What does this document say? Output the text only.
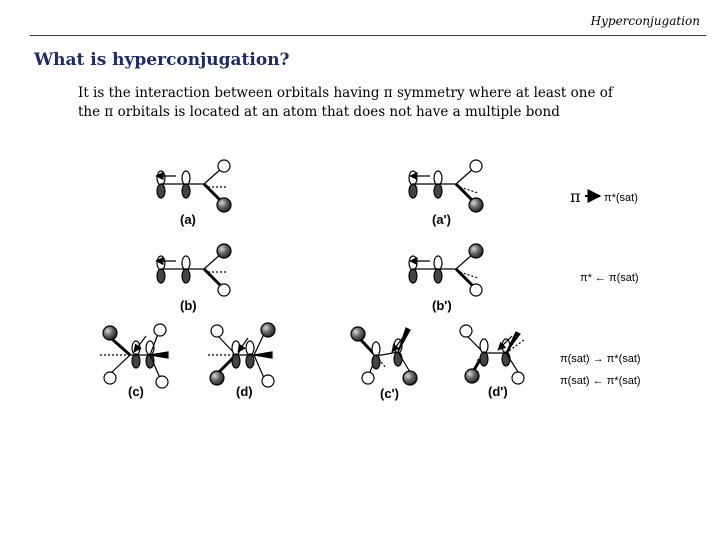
Hyperconjugation
What is hyperconjugation?
It is the interaction between orbitals having π symmetry where at least one of
the π orbitals is located at an atom that does not have a multiple bond
(a)	(a')
(b)	(b')
(c)	(d)	(c')	(d')
π π*(sat)
π* ← π(sat)
π(sat) → π*(sat)
π(sat) ← π*(sat)
